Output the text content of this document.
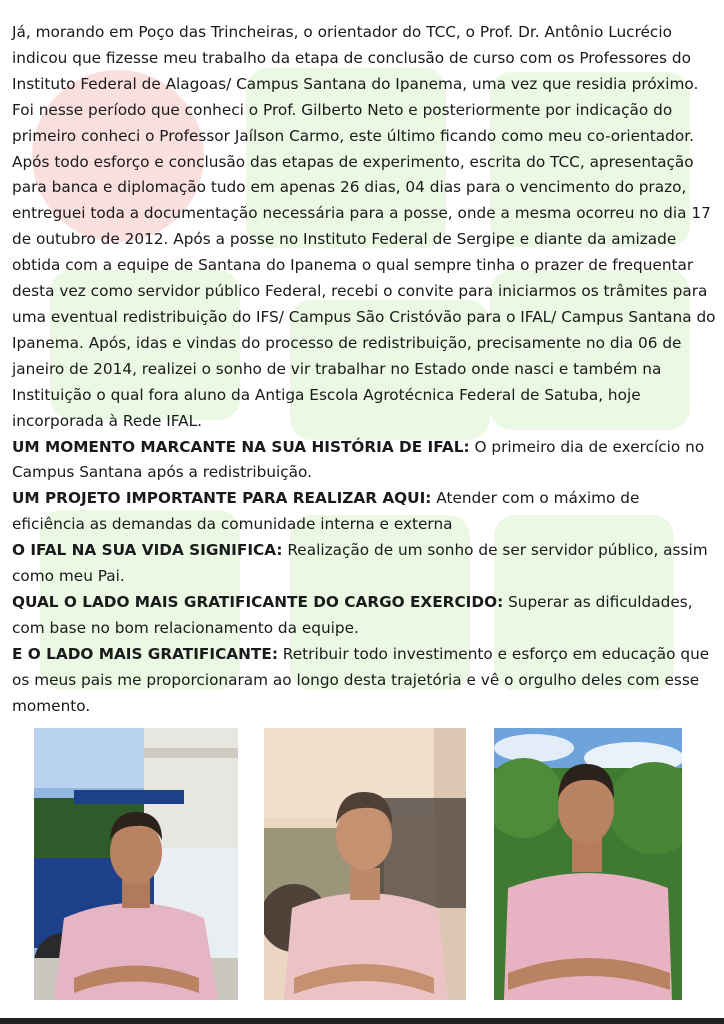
Já, morando em Poço das Trincheiras, o orientador do TCC, o Prof. Dr. Antônio Lucrécio indicou que fizesse meu trabalho da etapa de conclusão de curso com os Professores do Instituto Federal de Alagoas/ Campus Santana do Ipanema, uma vez que residia próximo. Foi nesse período que conheci o Prof. Gilberto Neto e posteriormente por indicação do primeiro conheci o Professor Jaílson Carmo, este último ficando como meu co-orientador. Após todo esforço e conclusão das etapas de experimento, escrita do TCC, apresentação para banca e diplomação tudo em apenas 26 dias, 04 dias para o vencimento do prazo, entreguei toda a documentação necessária para a posse, onde a mesma ocorreu no dia 17 de outubro de 2012. Após a posse no Instituto Federal de Sergipe e diante da amizade obtida com a equipe de Santana do Ipanema o qual sempre tinha o prazer de frequentar desta vez como servidor público Federal, recebi o convite para iniciarmos os trâmites para uma eventual redistribuição do IFS/ Campus São Cristóvão para o IFAL/ Campus Santana do Ipanema. Após, idas e vindas do processo de redistribuição, precisamente no dia 06 de janeiro de 2014, realizei o sonho de vir trabalhar no Estado onde nasci e também na Instituição o qual fora aluno da Antiga Escola Agrotécnica Federal de Satuba, hoje incorporada à Rede IFAL.

UM MOMENTO MARCANTE NA SUA HISTÓRIA DE IFAL: O primeiro dia de exercício no Campus Santana após a redistribuição.

UM PROJETO IMPORTANTE PARA REALIZAR AQUI: Atender com o máximo de eficiência as demandas da comunidade interna e externa

O IFAL NA SUA VIDA SIGNIFICA: Realização de um sonho de ser servidor público, assim como meu Pai.

QUAL O LADO MAIS GRATIFICANTE DO CARGO EXERCIDO: Superar as dificuldades, com base no bom relacionamento da equipe.

E O LADO MAIS GRATIFICANTE: Retribuir todo investimento e esforço em educação que os meus pais me proporcionaram ao longo desta trajetória e vê o orgulho deles com esse momento.
